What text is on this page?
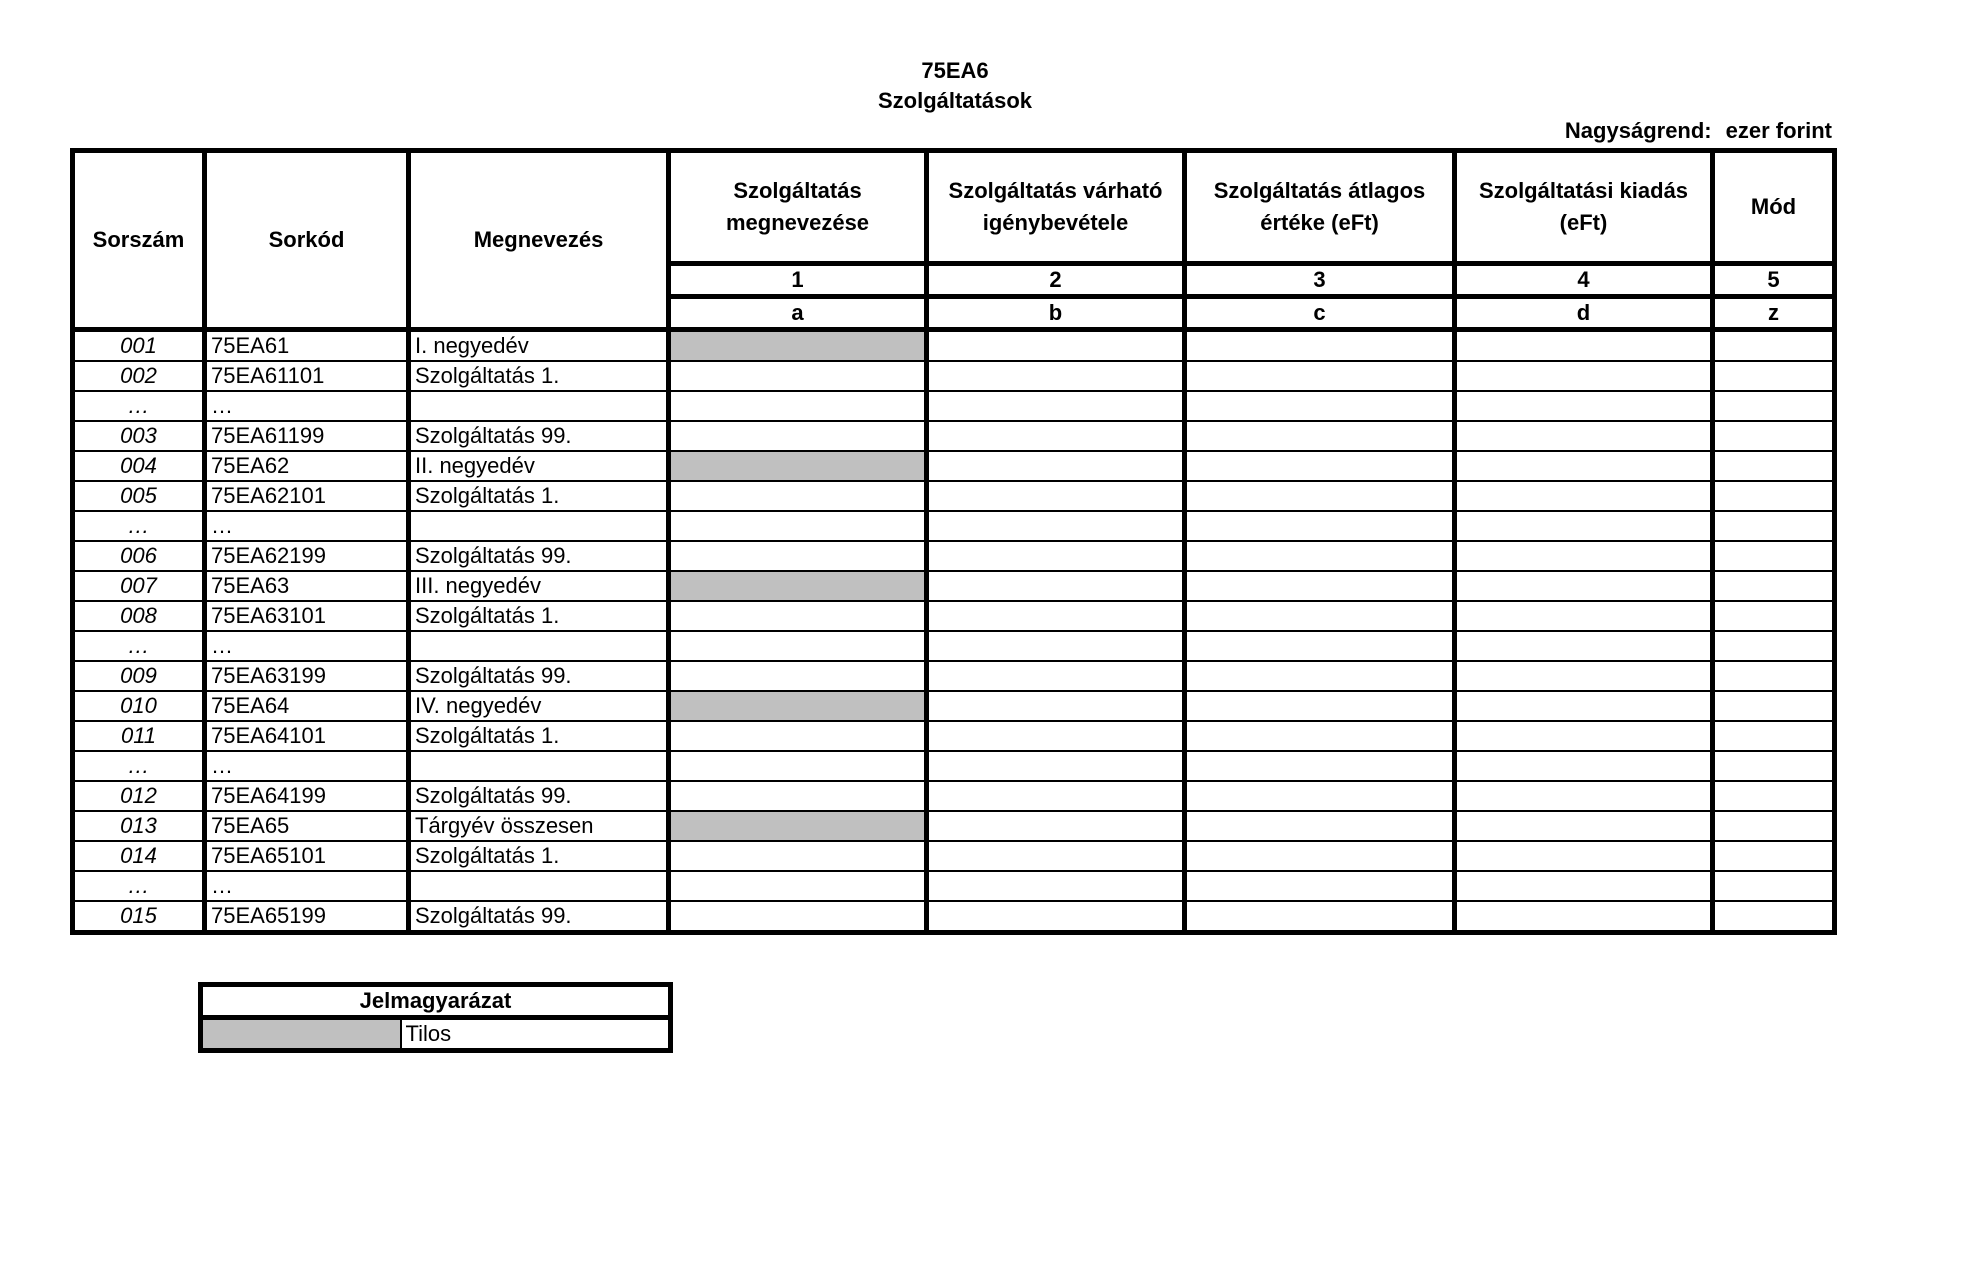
75EA6
Szolgáltatások
Nagyságrend: ezer forint
Sorszám	Sorkód	Megnevezés	Szolgáltatás megnevezése	Szolgáltatás várható igénybevétele	Szolgáltatás átlagos értéke (eFt)	Szolgáltatási kiadás (eFt)	Mód
			1	2	3	4	5
			a	b	c	d	z
001	75EA61	I. negyedév					
002	75EA61101	Szolgáltatás 1.					
…	…						
003	75EA61199	Szolgáltatás 99.					
004	75EA62	II. negyedév					
005	75EA62101	Szolgáltatás 1.					
…	…						
006	75EA62199	Szolgáltatás 99.					
007	75EA63	III. negyedév					
008	75EA63101	Szolgáltatás 1.					
…	…						
009	75EA63199	Szolgáltatás 99.					
010	75EA64	IV. negyedév					
011	75EA64101	Szolgáltatás 1.					
…	…						
012	75EA64199	Szolgáltatás 99.					
013	75EA65	Tárgyév összesen					
014	75EA65101	Szolgáltatás 1.					
…	…						
015	75EA65199	Szolgáltatás 99.					
Jelmagyarázat
	Tilos
